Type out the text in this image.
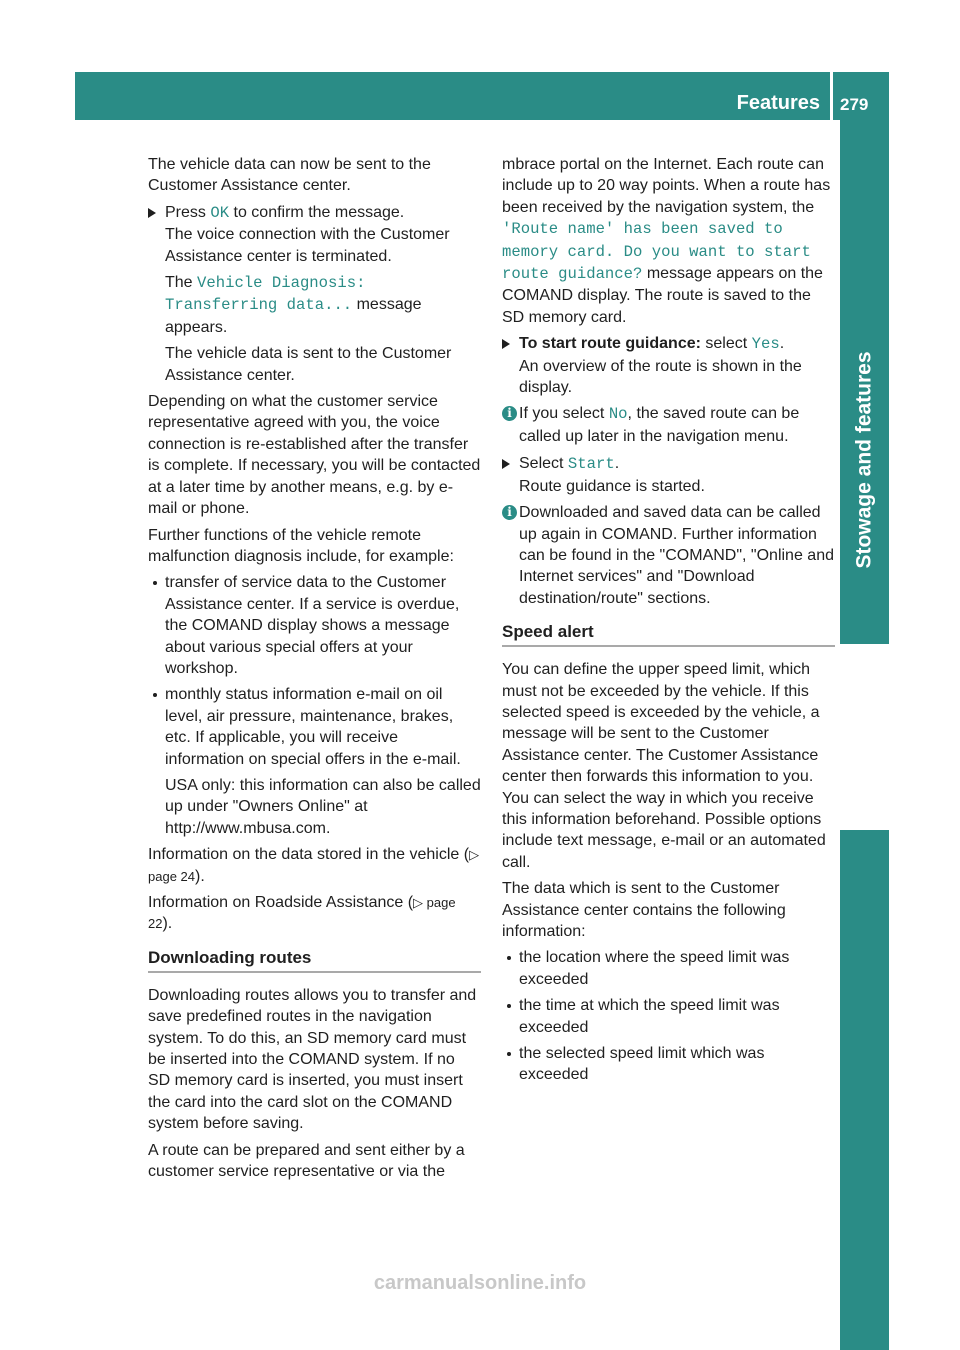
Features 279
Stowage and features

The vehicle data can now be sent to the Customer Assistance center.

Press OK to confirm the message.
The voice connection with the Customer Assistance center is terminated.

The Vehicle Diagnosis: Transferring data... message appears.

The vehicle data is sent to the Customer Assistance center.

Depending on what the customer service representative agreed with you, the voice connection is re-established after the transfer is complete. If necessary, you will be contacted at a later time by another means, e.g. by e-mail or phone.

Further functions of the vehicle remote malfunction diagnosis include, for example:

transfer of service data to the Customer Assistance center. If a service is overdue, the COMAND display shows a message about various special offers at your workshop.

monthly status information e-mail on oil level, air pressure, maintenance, brakes, etc. If applicable, you will receive information on special offers in the e-mail.

USA only: this information can also be called up under "Owners Online" at http://www.mbusa.com.

Information on the data stored in the vehicle (▷ page 24).

Information on Roadside Assistance (▷ page 22).

Downloading routes

Downloading routes allows you to transfer and save predefined routes in the navigation system. To do this, an SD memory card must be inserted into the COMAND system. If no SD memory card is inserted, you must insert the card into the card slot on the COMAND system before saving.

A route can be prepared and sent either by a customer service representative or via the

mbrace portal on the Internet. Each route can include up to 20 way points. When a route has been received by the navigation system, the 'Route name' has been saved to memory card. Do you want to start route guidance? message appears on the COMAND display. The route is saved to the SD memory card.

To start route guidance: select Yes.
An overview of the route is shown in the display.

i If you select No, the saved route can be called up later in the navigation menu.

Select Start.
Route guidance is started.

i Downloaded and saved data can be called up again in COMAND. Further information can be found in the "COMAND", "Online and Internet services" and "Download destination/route" sections.

Speed alert

You can define the upper speed limit, which must not be exceeded by the vehicle. If this selected speed is exceeded by the vehicle, a message will be sent to the Customer Assistance center. The Customer Assistance center then forwards this information to you. You can select the way in which you receive this information beforehand. Possible options include text message, e-mail or an automated call.

The data which is sent to the Customer Assistance center contains the following information:

the location where the speed limit was exceeded

the time at which the speed limit was exceeded

the selected speed limit which was exceeded

carmanualsonline.info
